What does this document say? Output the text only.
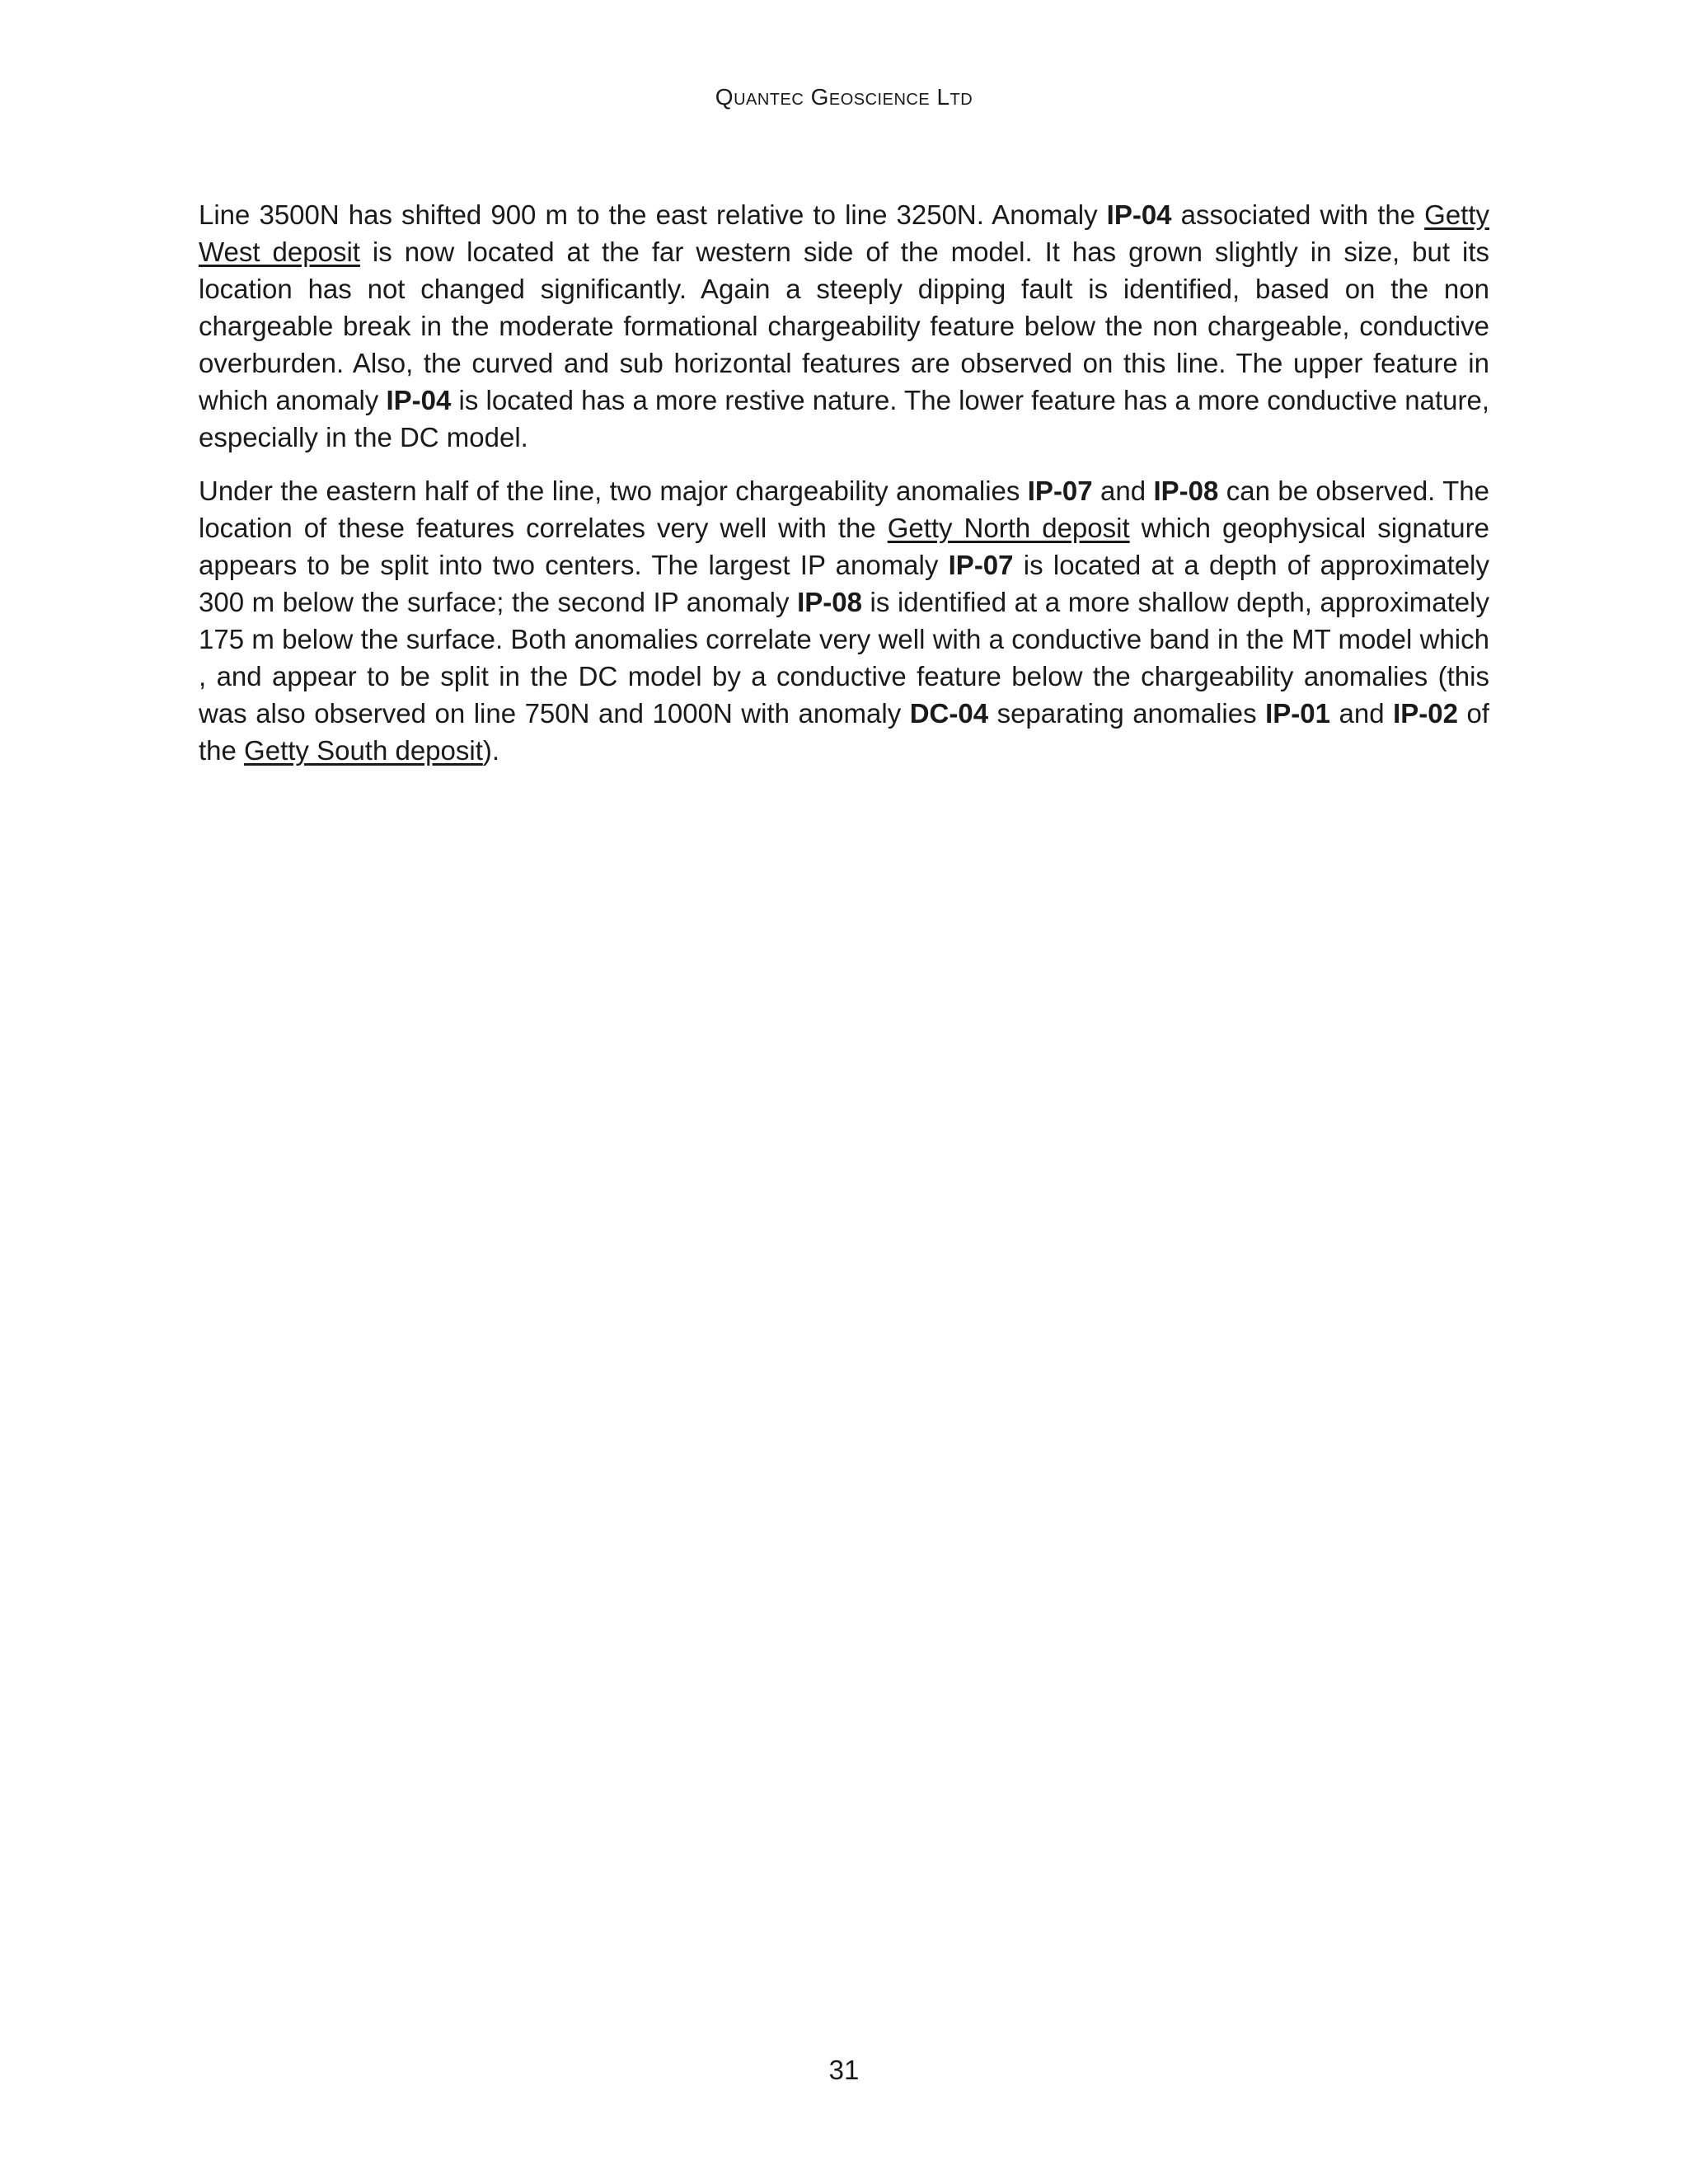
Quantec Geoscience Ltd

Line 3500N has shifted 900 m to the east relative to line 3250N. Anomaly IP-04 associated with the Getty West deposit is now located at the far western side of the model. It has grown slightly in size, but its location has not changed significantly. Again a steeply dipping fault is identified, based on the non chargeable break in the moderate formational chargeability feature below the non chargeable, conductive overburden. Also, the curved and sub horizontal features are observed on this line. The upper feature in which anomaly IP-04 is located has a more restive nature. The lower feature has a more conductive nature, especially in the DC model.

Under the eastern half of the line, two major chargeability anomalies IP-07 and IP-08 can be observed. The location of these features correlates very well with the Getty North deposit which geophysical signature appears to be split into two centers. The largest IP anomaly IP-07 is located at a depth of approximately 300 m below the surface; the second IP anomaly IP-08 is identified at a more shallow depth, approximately 175 m below the surface. Both anomalies correlate very well with a conductive band in the MT model which , and appear to be split in the DC model by a conductive feature below the chargeability anomalies (this was also observed on line 750N and 1000N with anomaly DC-04 separating anomalies IP-01 and IP-02 of the Getty South deposit).

31
